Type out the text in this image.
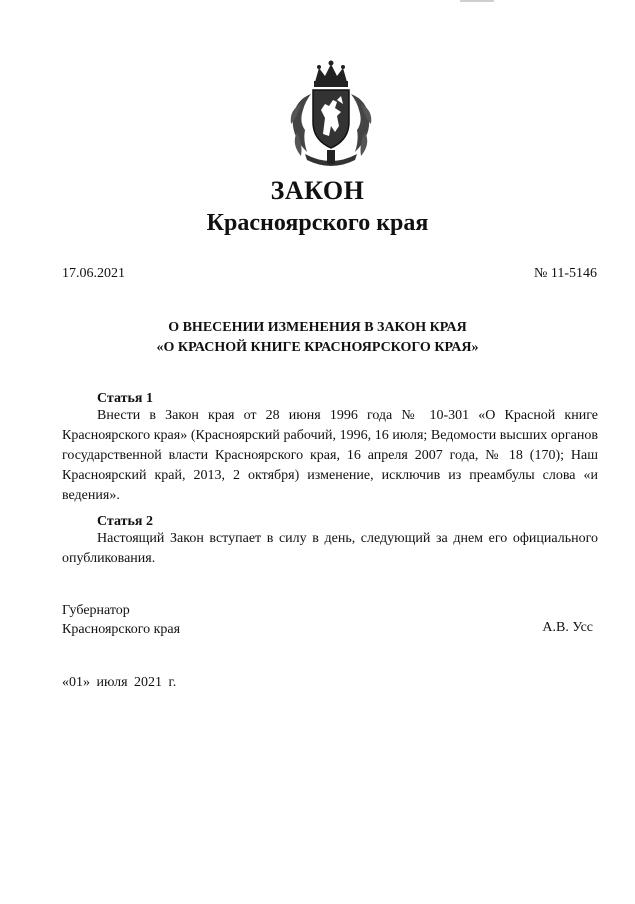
ЗАКОН
Красноярского края
17.06.2021	№ 11-5146
О ВНЕСЕНИИ ИЗМЕНЕНИЯ В ЗАКОН КРАЯ
«О КРАСНОЙ КНИГЕ КРАСНОЯРСКОГО КРАЯ»
Статья 1

Внести в Закон края от 28 июня 1996 года № 10-301 «О Красной книге Красноярского края» (Красноярский рабочий, 1996, 16 июля; Ведомости высших органов государственной власти Красноярского края, 16 апреля 2007 года, № 18 (170); Наш Красноярский край, 2013, 2 октября) изменение, исключив из преамбулы слова «и ведения».

Статья 2

Настоящий Закон вступает в силу в день, следующий за днем его официального опубликования.

Губернатор
Красноярского края	А.В. Усс
«01» июля 2021 г.
